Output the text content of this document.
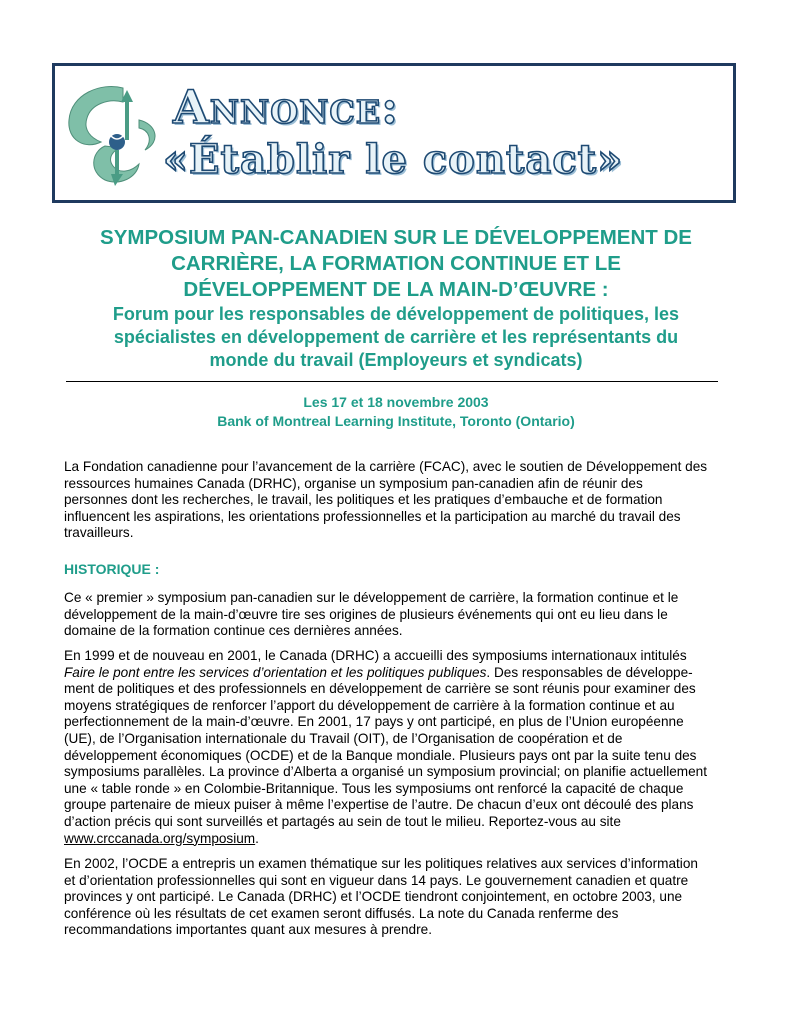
Annonce:
«Établir le contact»
SYMPOSIUM PAN-CANADIEN SUR LE DÉVELOPPEMENT DE
CARRIÈRE, LA FORMATION CONTINUE ET LE
DÉVELOPPEMENT DE LA MAIN-D’ŒUVRE :
Forum pour les responsables de développement de politiques, les
spécialistes en développement de carrière et les représentants du
monde du travail (Employeurs et syndicats)
Les 17 et 18 novembre 2003
Bank of Montreal Learning Institute, Toronto (Ontario)
La Fondation canadienne pour l’avancement de la carrière (FCAC), avec le soutien de Développement des
ressources humaines Canada (DRHC), organise un symposium pan-canadien afin de réunir des
personnes dont les recherches, le travail, les politiques et les pratiques d’embauche et de formation
influencent les aspirations, les orientations professionnelles et la participation au marché du travail des
travailleurs.
HISTORIQUE :
Ce « premier » symposium pan-canadien sur le développement de carrière, la formation continue et le
développement de la main-d’œuvre tire ses origines de plusieurs événements qui ont eu lieu dans le
domaine de la formation continue ces dernières années.
En 1999 et de nouveau en 2001, le Canada (DRHC) a accueilli des symposiums internationaux intitulés
Faire le pont entre les services d’orientation et les politiques publiques. Des responsables de développe-
ment de politiques et des professionnels en développement de carrière se sont réunis pour examiner des
moyens stratégiques de renforcer l’apport du développement de carrière à la formation continue et au
perfectionnement de la main-d’œuvre. En 2001, 17 pays y ont participé, en plus de l’Union européenne
(UE), de l’Organisation internationale du Travail (OIT), de l’Organisation de coopération et de
développement économiques (OCDE) et de la Banque mondiale. Plusieurs pays ont par la suite tenu des
symposiums parallèles. La province d’Alberta a organisé un symposium provincial; on planifie actuellement
une « table ronde » en Colombie-Britannique. Tous les symposiums ont renforcé la capacité de chaque
groupe partenaire de mieux puiser à même l’expertise de l’autre. De chacun d’eux ont découlé des plans
d’action précis qui sont surveillés et partagés au sein de tout le milieu. Reportez-vous au site
www.crccanada.org/symposium.
En 2002, l’OCDE a entrepris un examen thématique sur les politiques relatives aux services d’information
et d’orientation professionnelles qui sont en vigueur dans 14 pays. Le gouvernement canadien et quatre
provinces y ont participé. Le Canada (DRHC) et l’OCDE tiendront conjointement, en octobre 2003, une
conférence où les résultats de cet examen seront diffusés. La note du Canada renferme des
recommandations importantes quant aux mesures à prendre.
